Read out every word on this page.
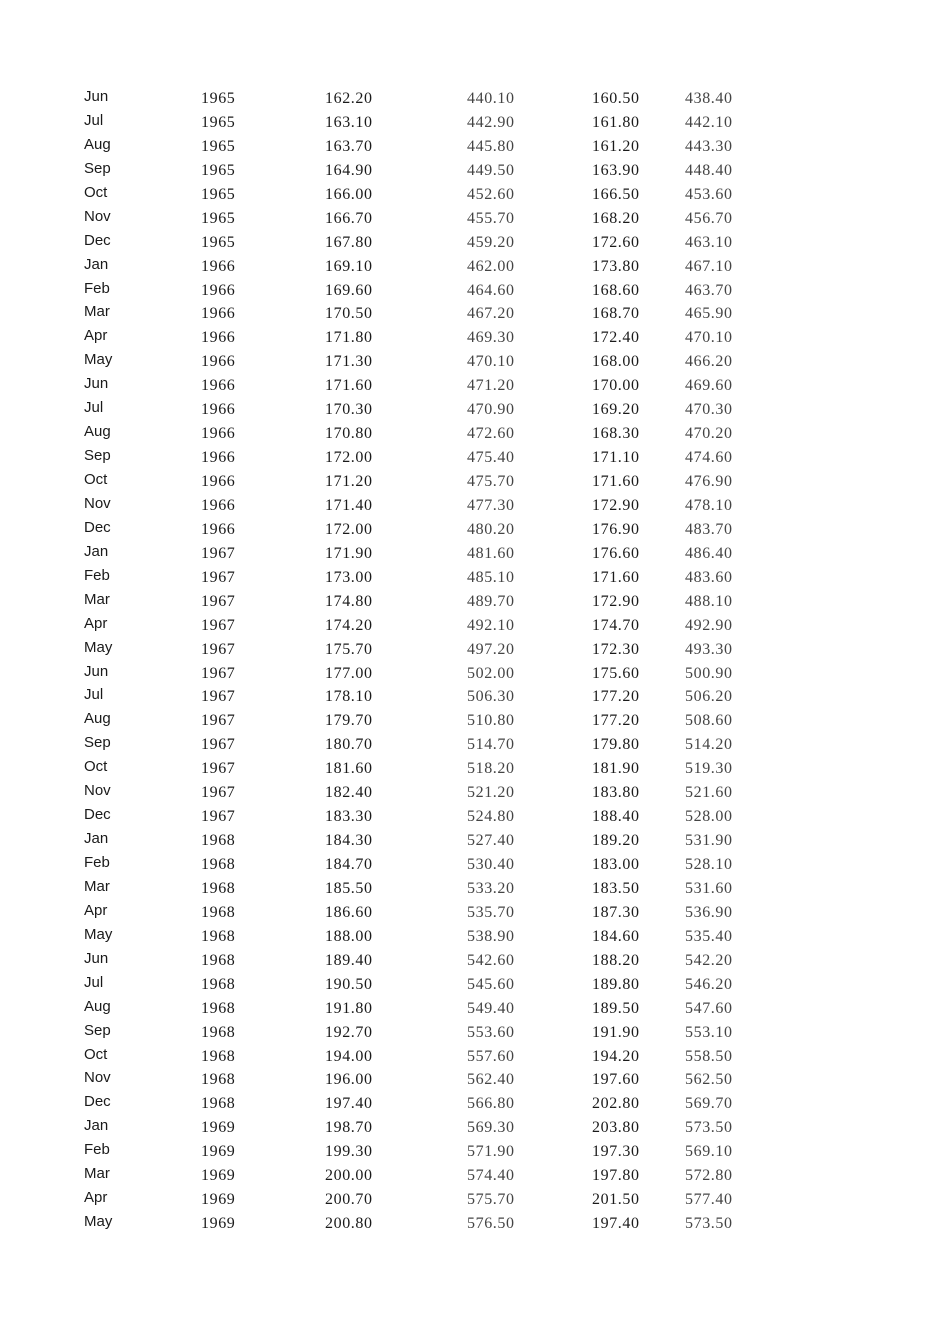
Jun	1965	162.20	440.10	160.50	438.40
Jul	1965	163.10	442.90	161.80	442.10
Aug	1965	163.70	445.80	161.20	443.30
Sep	1965	164.90	449.50	163.90	448.40
Oct	1965	166.00	452.60	166.50	453.60
Nov	1965	166.70	455.70	168.20	456.70
Dec	1965	167.80	459.20	172.60	463.10
Jan	1966	169.10	462.00	173.80	467.10
Feb	1966	169.60	464.60	168.60	463.70
Mar	1966	170.50	467.20	168.70	465.90
Apr	1966	171.80	469.30	172.40	470.10
May	1966	171.30	470.10	168.00	466.20
Jun	1966	171.60	471.20	170.00	469.60
Jul	1966	170.30	470.90	169.20	470.30
Aug	1966	170.80	472.60	168.30	470.20
Sep	1966	172.00	475.40	171.10	474.60
Oct	1966	171.20	475.70	171.60	476.90
Nov	1966	171.40	477.30	172.90	478.10
Dec	1966	172.00	480.20	176.90	483.70
Jan	1967	171.90	481.60	176.60	486.40
Feb	1967	173.00	485.10	171.60	483.60
Mar	1967	174.80	489.70	172.90	488.10
Apr	1967	174.20	492.10	174.70	492.90
May	1967	175.70	497.20	172.30	493.30
Jun	1967	177.00	502.00	175.60	500.90
Jul	1967	178.10	506.30	177.20	506.20
Aug	1967	179.70	510.80	177.20	508.60
Sep	1967	180.70	514.70	179.80	514.20
Oct	1967	181.60	518.20	181.90	519.30
Nov	1967	182.40	521.20	183.80	521.60
Dec	1967	183.30	524.80	188.40	528.00
Jan	1968	184.30	527.40	189.20	531.90
Feb	1968	184.70	530.40	183.00	528.10
Mar	1968	185.50	533.20	183.50	531.60
Apr	1968	186.60	535.70	187.30	536.90
May	1968	188.00	538.90	184.60	535.40
Jun	1968	189.40	542.60	188.20	542.20
Jul	1968	190.50	545.60	189.80	546.20
Aug	1968	191.80	549.40	189.50	547.60
Sep	1968	192.70	553.60	191.90	553.10
Oct	1968	194.00	557.60	194.20	558.50
Nov	1968	196.00	562.40	197.60	562.50
Dec	1968	197.40	566.80	202.80	569.70
Jan	1969	198.70	569.30	203.80	573.50
Feb	1969	199.30	571.90	197.30	569.10
Mar	1969	200.00	574.40	197.80	572.80
Apr	1969	200.70	575.70	201.50	577.40
May	1969	200.80	576.50	197.40	573.50
